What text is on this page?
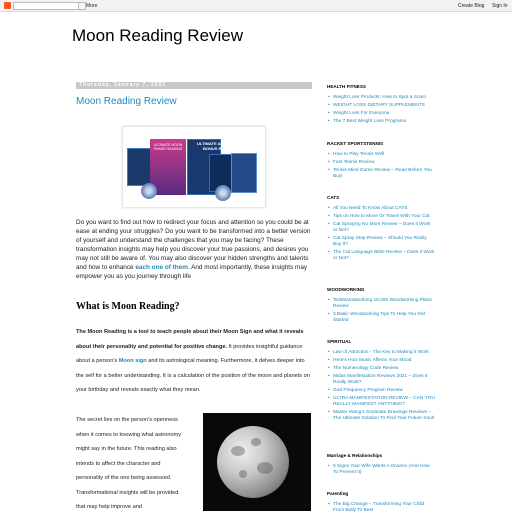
More	Create Blog Sign In
Moon Reading Review
Thursday, January 7, 2021
Moon Reading Review
ULTIMATE MOON PHASE READING
ULTIMATE ASTROLOGY
BONUS READING
Do you want to find out how to redirect your focus and attention so you could be at ease at ending your struggles? Do you want to be transformed into a better version of yourself and understand the challenges that you may be facing? These transformation insights may help you discover your true passions, and desires you may not still be aware of. You may also discover your hidden strengths and talents and how to enhance each one of them. And most importantly, these insights may empower you as you journey through life
What is Moon Reading?
The Moon Reading is a tool to teach people about their Moon Sign and what it reveals about their personality and potential for positive change. It provides insightful guidance about a person's Moon sign and its astrological meaning. Furthermore, it delves deeper into the self for a better understanding. It is a calculation of the position of the moon and planets on your birthday and reveals exactly what they mean.
The secret lies on the person's openness when it comes to knowing what astronomy might say in the future. This reading also intends to affect the character and personality of the one being assessed. Transformational insights will be provided that may help improve and
HEALTH FITNESS
• Weight Loss Products: How to Spot a Scam
• WEIGHT LOSS DIETARY SUPPLEMENTS
• Weight Loss For Everyone
• The 7 Best Weight Loss Programs
RACKET SPORTSTENNIS
• How to Play Tennis Well
• Fast Tennis Review
• Tennis Mind Game Review – Read Before You Buy!
CATS
• All You Need To Know About CATS
• Tips on How to Move Or Travel With Your Cat
• Cat Spraying No More Review – Does It Work or Not?
• Cat Spray Stop Review – Should You Really Buy It?
• The Cat Language Bible Review – Does it Work or Not?
WOODWORKING
• TedsWoodworking 16,000 Woodworking Plans Review
• 3 Basic Woodworking Tips To Help You Get Started
SPIRITUAL
• Law of Attraction - The Key to Making it Work
• Here's How Music Affects Your Mood
• The Numerology Code Review
• Midas Manifestation Reviews 2021 – Does it Really Work?
• God Frequency Program Review
• ULTRA MANIFESTATION REVIEW – CAN YOU REALLY MANIFEST ANYTHING?
• Master Wang's Soulmate Drawings Reviews – The Ultimate Solution To Find Your Future Soul!
Marriage & Relationships
• 5 Signs Your Wife Wants A Divorce (And How To Prevent It)
Parenting
• The Big Change – Transforming Your Child From Bully To Best
